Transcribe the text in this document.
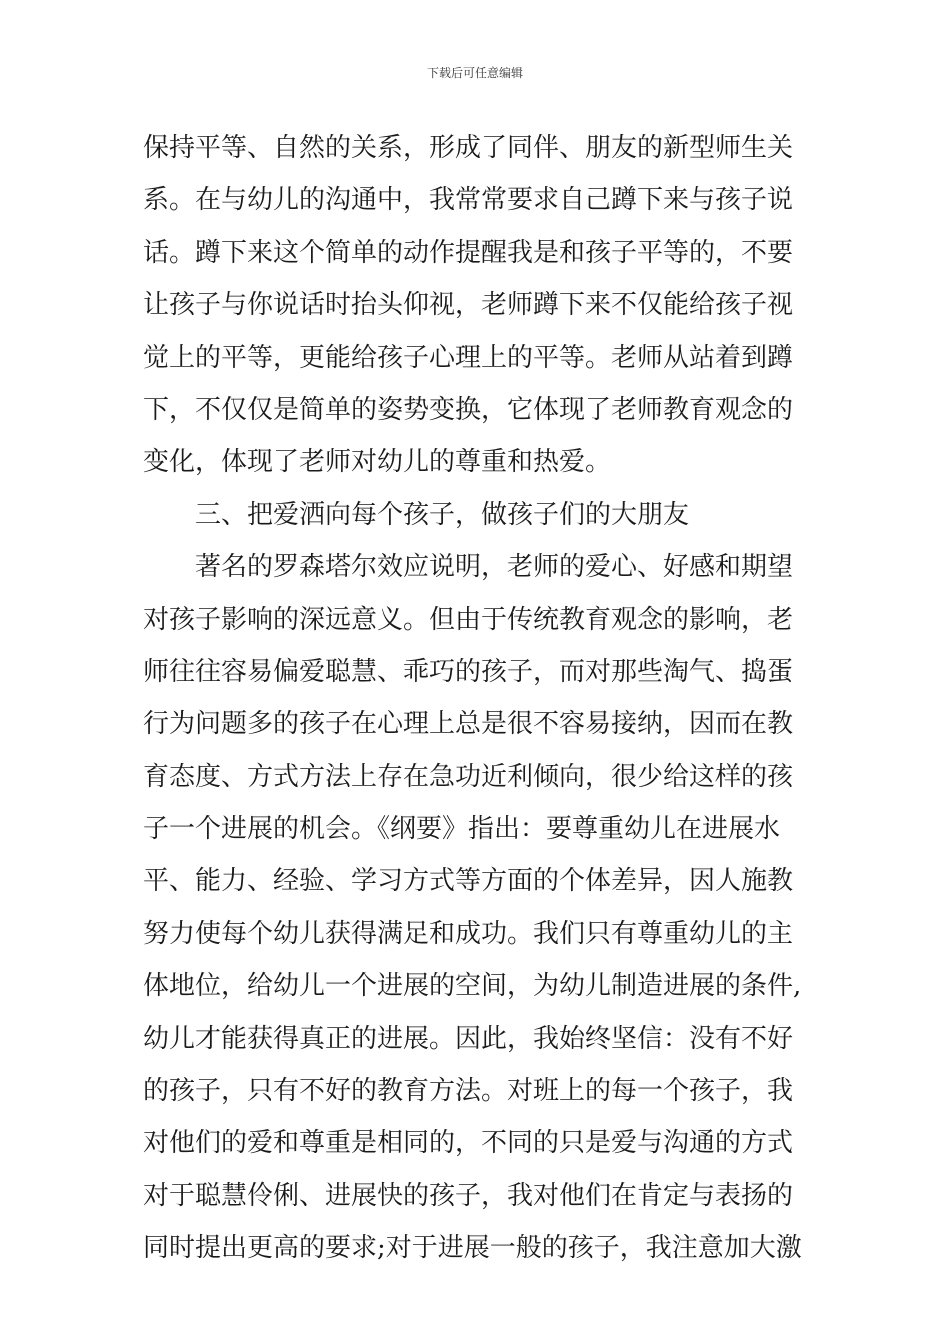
下载后可任意编辑
保持平等、自然的关系，形成了同伴、朋友的新型师生关
系。在与幼儿的沟通中，我常常要求自己蹲下来与孩子说
话。蹲下来这个简单的动作提醒我是和孩子平等的，不要
让孩子与你说话时抬头仰视，老师蹲下来不仅能给孩子视
觉上的平等，更能给孩子心理上的平等。老师从站着到蹲
下，不仅仅是简单的姿势变换，它体现了老师教育观念的
变化，体现了老师对幼儿的尊重和热爱。
三、把爱洒向每个孩子，做孩子们的大朋友
著名的罗森塔尔效应说明，老师的爱心、好感和期望
对孩子影响的深远意义。但由于传统教育观念的影响，老
师往往容易偏爱聪慧、乖巧的孩子，而对那些淘气、捣蛋
行为问题多的孩子在心理上总是很不容易接纳，因而在教
育态度、方式方法上存在急功近利倾向，很少给这样的孩
子一个进展的机会。《纲要》指出：要尊重幼儿在进展水
平、能力、经验、学习方式等方面的个体差异，因人施教
努力使每个幼儿获得满足和成功。我们只有尊重幼儿的主
体地位，给幼儿一个进展的空间，为幼儿制造进展的条件,
幼儿才能获得真正的进展。因此，我始终坚信：没有不好
的孩子，只有不好的教育方法。对班上的每一个孩子，我
对他们的爱和尊重是相同的，不同的只是爱与沟通的方式
对于聪慧伶俐、进展快的孩子，我对他们在肯定与表扬的
同时提出更高的要求;对于进展一般的孩子，我注意加大激
